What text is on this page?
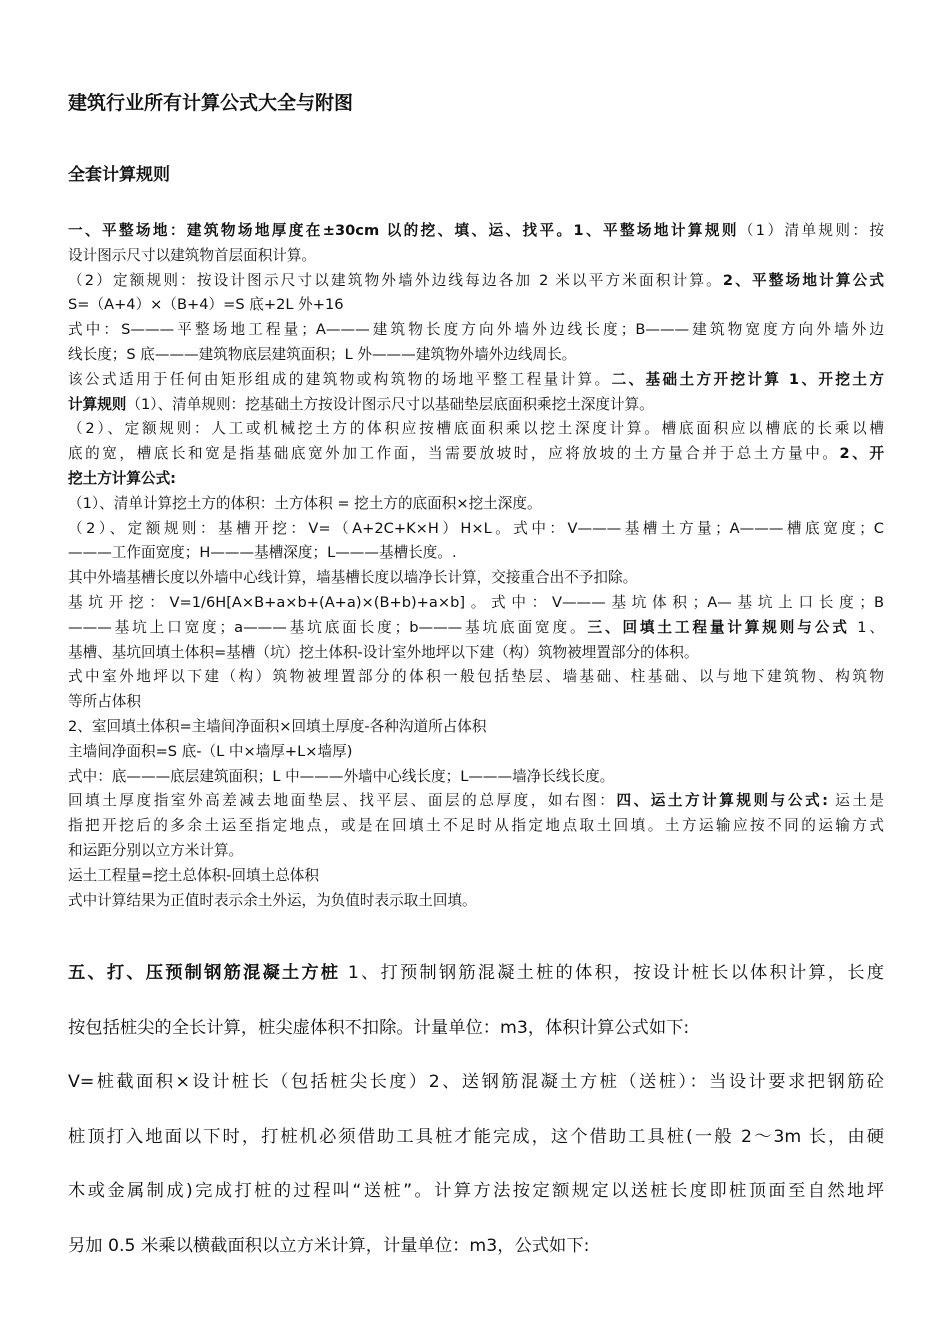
建筑行业所有计算公式大全与附图
全套计算规则
一、平整场地：建筑物场地厚度在±30cm 以的挖、填、运、找平。1、平整场地计算规则（1）清单规则：按
设计图示尺寸以建筑物首层面积计算。
（2）定额规则：按设计图示尺寸以建筑物外墙外边线每边各加 2 米以平方米面积计算。2、平整场地计算公式
S=（A+4）×（B+4）=S 底+2L 外+16
式中：S———平整场地工程量；A———建筑物长度方向外墙外边线长度；B———建筑物宽度方向外墙外边
线长度；S 底———建筑物底层建筑面积；L 外———建筑物外墙外边线周长。
该公式适用于任何由矩形组成的建筑物或构筑物的场地平整工程量计算。二、基础土方开挖计算 1、开挖土方
计算规则（1）、清单规则：挖基础土方按设计图示尺寸以基础垫层底面积乘挖土深度计算。
（2）、定额规则：人工或机械挖土方的体积应按槽底面积乘以挖土深度计算。槽底面积应以槽底的长乘以槽
底的宽，槽底长和宽是指基础底宽外加工作面，当需要放坡时，应将放坡的土方量合并于总土方量中。2、开
挖土方计算公式:
（1）、清单计算挖土方的体积：土方体积 = 挖土方的底面积×挖土深度。
（2）、定额规则：基槽开挖：V=（A+2C+K×H）H×L。式中：V———基槽土方量；A———槽底宽度；C
———工作面宽度；H———基槽深度；L———基槽长度。.
其中外墙基槽长度以外墙中心线计算，墙基槽长度以墙净长计算，交接重合出不予扣除。
基坑开挖：V=1/6H[A×B+a×b+(A+a)×(B+b)+a×b]。式中：V———基坑体积；A—基坑上口长度；B
———基坑上口宽度；a———基坑底面长度；b———基坑底面宽度。三、回填土工程量计算规则与公式 1、
基槽、基坑回填土体积=基槽（坑）挖土体积-设计室外地坪以下建（构）筑物被埋置部分的体积。
式中室外地坪以下建（构）筑物被埋置部分的体积一般包括垫层、墙基础、柱基础、以与地下建筑物、构筑物
等所占体积
2、室回填土体积=主墙间净面积×回填土厚度-各种沟道所占体积
主墙间净面积=S 底-（L 中×墙厚+L×墙厚)
式中：底———底层建筑面积；L 中———外墙中心线长度；L———墙净长线长度。
回填土厚度指室外高差减去地面垫层、找平层、面层的总厚度，如右图：四、运土方计算规则与公式: 运土是
指把开挖后的多余土运至指定地点，或是在回填土不足时从指定地点取土回填。土方运输应按不同的运输方式
和运距分别以立方米计算。
运土工程量=挖土总体积-回填土总体积
式中计算结果为正值时表示余土外运，为负值时表示取土回填。
五、打、压预制钢筋混凝土方桩 1、打预制钢筋混凝土桩的体积，按设计桩长以体积计算，长度
按包括桩尖的全长计算，桩尖虚体积不扣除。计量单位：m3，体积计算公式如下:
V=桩截面积×设计桩长（包括桩尖长度）2、送钢筋混凝土方桩（送桩）：当设计要求把钢筋砼
桩顶打入地面以下时，打桩机必须借助工具桩才能完成，这个借助工具桩(一般 2～3m 长，由硬
木或金属制成)完成打桩的过程叫“送桩”。计算方法按定额规定以送桩长度即桩顶面至自然地坪
另加 0.5 米乘以横截面积以立方米计算，计量单位：m3，公式如下:
